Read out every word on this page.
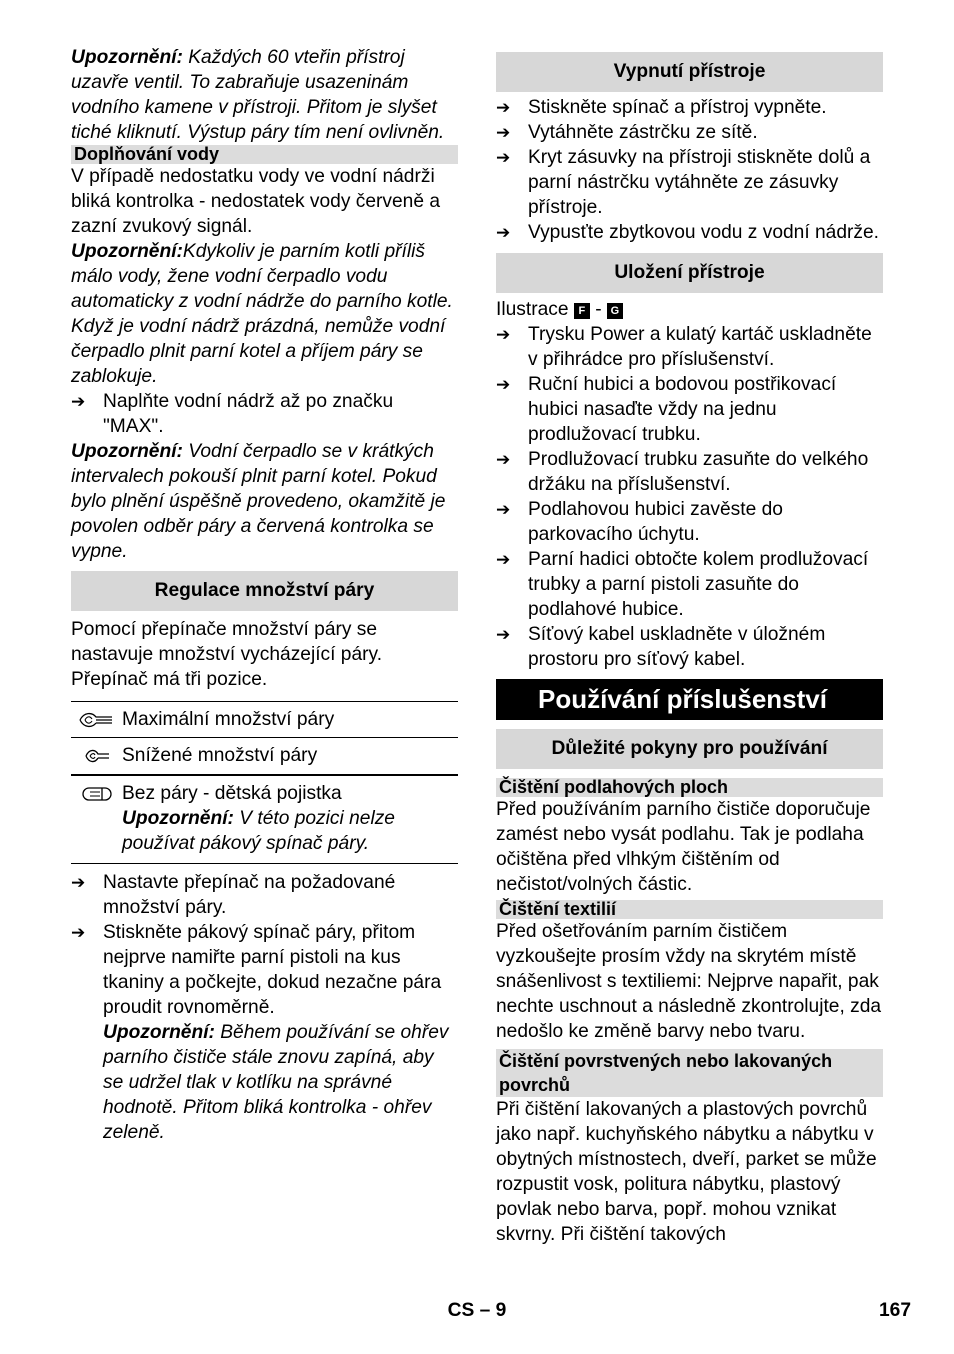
Upozornění: Každých 60 vteřin přístroj uzavře ventil. To zabraňuje usazeninám vodního kamene v přístroji. Přitom je slyšet tiché kliknutí. Výstup páry tím není ovlivněn.

Doplňování vody

V případě nedostatku vody ve vodní nádrži bliká kontrolka - nedostatek vody červeně a zazní zvukový signál.

Upozornění:Kdykoliv je parním kotli příliš málo vody, žene vodní čerpadlo vodu automaticky z vodní nádrže do parního kotle. Když je vodní nádrž prázdná, nemůže vodní čerpadlo plnit parní kotel a příjem páry se zablokuje.

➔ Naplňte vodní nádrž až po značku "MAX".

Upozornění: Vodní čerpadlo se v krátkých intervalech pokouší plnit parní kotel. Pokud bylo plnění úspěšně provedeno, okamžitě je povolen odběr páry a červená kontrolka se vypne.

Regulace množství páry

Pomocí přepínače množství páry se nastavuje množství vycházející páry. Přepínač má tři pozice.

Maximální množství páry
Snížené množství páry
Bez páry - dětská pojistka
Upozornění: V této pozici nelze používat pákový spínač páry.
➔ Nastavte přepínač na požadované množství páry.
➔ Stiskněte pákový spínač páry, přitom nejprve namiřte parní pistoli na kus tkaniny a počkejte, dokud nezačne pára proudit rovnoměrně.
Upozornění: Během používání se ohřev parního čističe stále znovu zapíná, aby se udržel tlak v kotlíku na správné hodnotě. Přitom bliká kontrolka - ohřev zeleně.
Vypnutí přístroje
➔ Stiskněte spínač a přístroj vypněte.
➔ Vytáhněte zástrčku ze sítě.
➔ Kryt zásuvky na přístroji stiskněte dolů a parní nástrčku vytáhněte ze zásuvky přístroje.
➔ Vypusťte zbytkovou vodu z vodní nádrže.
Uložení přístroje

Ilustrace F - G

➔ Trysku Power a kulatý kartáč uskladněte v přihrádce pro příslušenství.
➔ Ruční hubici a bodovou postřikovací hubici nasaďte vždy na jednu prodlužovací trubku.
➔ Prodlužovací trubku zasuňte do velkého držáku na příslušenství.
➔ Podlahovou hubici zavěste do parkovacího úchytu.
➔ Parní hadici obtočte kolem prodlužovací trubky a parní pistoli zasuňte do podlahové hubice.
➔ Síťový kabel uskladněte v úložném prostoru pro síťový kabel.
Používání příslušenství
Důležité pokyny pro používání
Čištění podlahových ploch

Před používáním parního čističe doporučuje zamést nebo vysát podlahu. Tak je podlaha očištěna před vlhkým čištěním od nečistot/volných částic.

Čištění textilií

Před ošetřováním parním čističem vyzkoušejte prosím vždy na skrytém místě snášenlivost s textiliemi: Nejprve napařit, pak nechte uschnout a následně zkontrolujte, zda nedošlo ke změně barvy nebo tvaru.

Čištění povrstvených nebo lakovaných povrchů

Při čištění lakovaných a plastových povrchů jako např. kuchyňského nábytku a nábytku v obytných místnostech, dveří, parket se může rozpustit vosk, politura nábytku, plastový povlak nebo barva, popř. mohou vznikat skvrny. Při čištění takových

CS – 9	167
